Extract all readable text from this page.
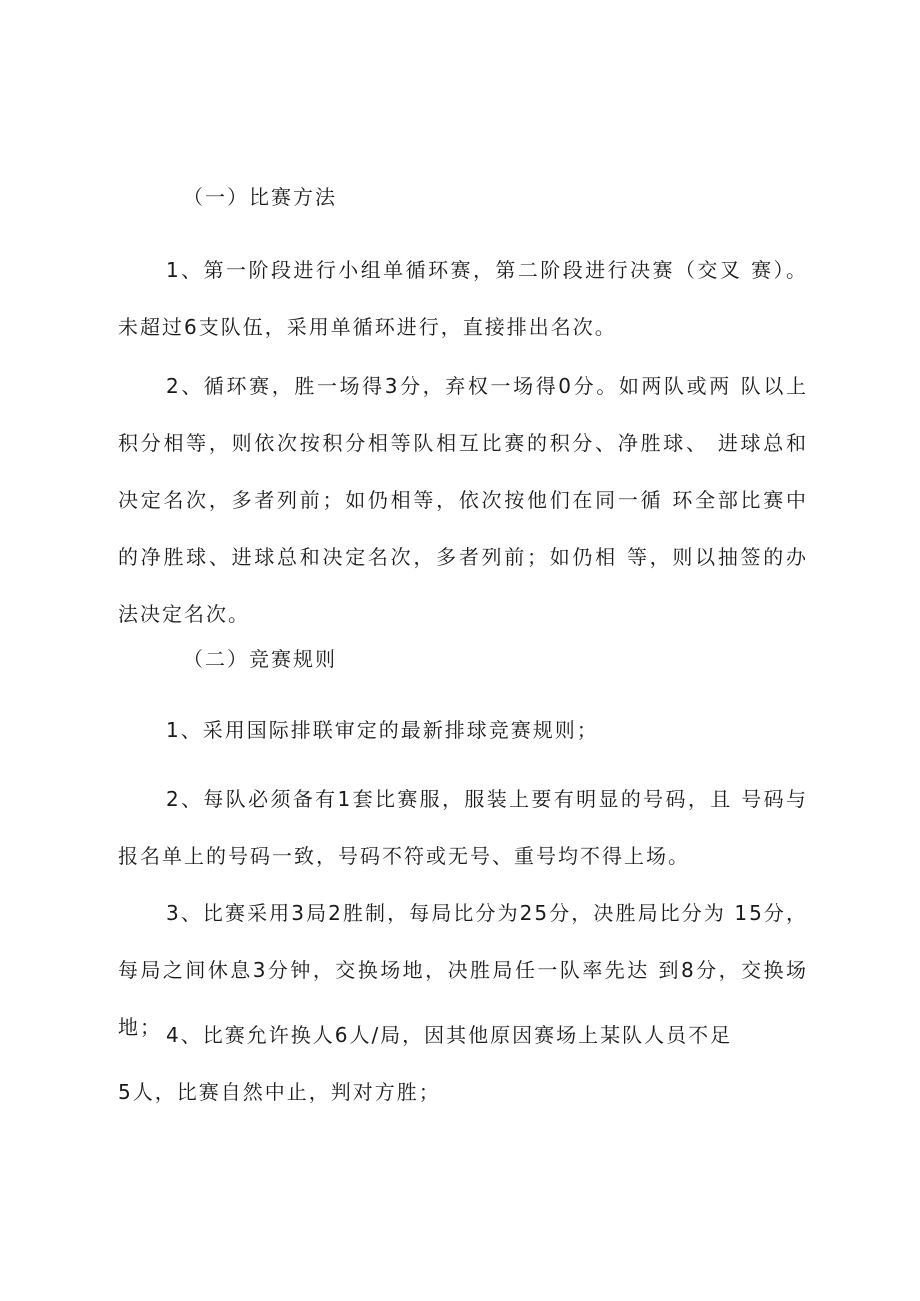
（一）比赛方法
1、第一阶段进行小组单循环赛，第二阶段进行决赛（交叉 赛）。未超过6支队伍，采用单循环进行，直接排出名次。
2、循环赛，胜一场得3分，弃权一场得0分。如两队或两 队以上积分相等，则依次按积分相等队相互比赛的积分、净胜球、 进球总和决定名次，多者列前；如仍相等，依次按他们在同一循 环全部比赛中的净胜球、进球总和决定名次，多者列前；如仍相 等，则以抽签的办法决定名次。
（二）竞赛规则
1、采用国际排联审定的最新排球竞赛规则；
2、每队必须备有1套比赛服，服装上要有明显的号码，且 号码与报名单上的号码一致，号码不符或无号、重号均不得上场。
3、比赛采用3局2胜制，每局比分为25分，决胜局比分为 15分，每局之间休息3分钟，交换场地，决胜局任一队率先达 到8分，交换场地； 4、比赛允许换人6人/局，因其他原因赛场上某队人员不足
5人，比赛自然中止，判对方胜；
